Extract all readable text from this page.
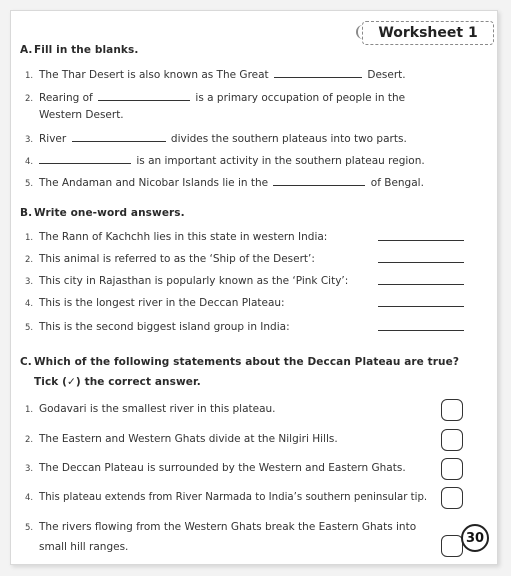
Worksheet 1
A.Fill in the blanks.
1. The Thar Desert is also known as The Great	Desert.
2. Rearing of	is a primary occupation of people in the
Western Desert.
3. River	divides the southern plateaus into two parts.
4.	is an important activity in the southern plateau region.
5. The Andaman and Nicobar Islands lie in the	of Bengal.
B. Write one-word answers.
1. The Rann of Kachchh lies in this state in western India:
2. This animal is referred to as the ‘Ship of the Desert’:
3. This city in Rajasthan is popularly known as the ‘Pink City’:
4. This is the longest river in the Deccan Plateau:
5. This is the second biggest island group in India:
C. Which of the following statements about the Deccan Plateau are true?
Tick (✓) the correct answer.
1. Godavari is the smallest river in this plateau.
2. The Eastern and Western Ghats divide at the Nilgiri Hills.
3. The Deccan Plateau is surrounded by the Western and Eastern Ghats.
4. This plateau extends from River Narmada to India’s southern peninsular tip.
5. The rivers flowing from the Western Ghats break the Eastern Ghats into
small hill ranges.
30
